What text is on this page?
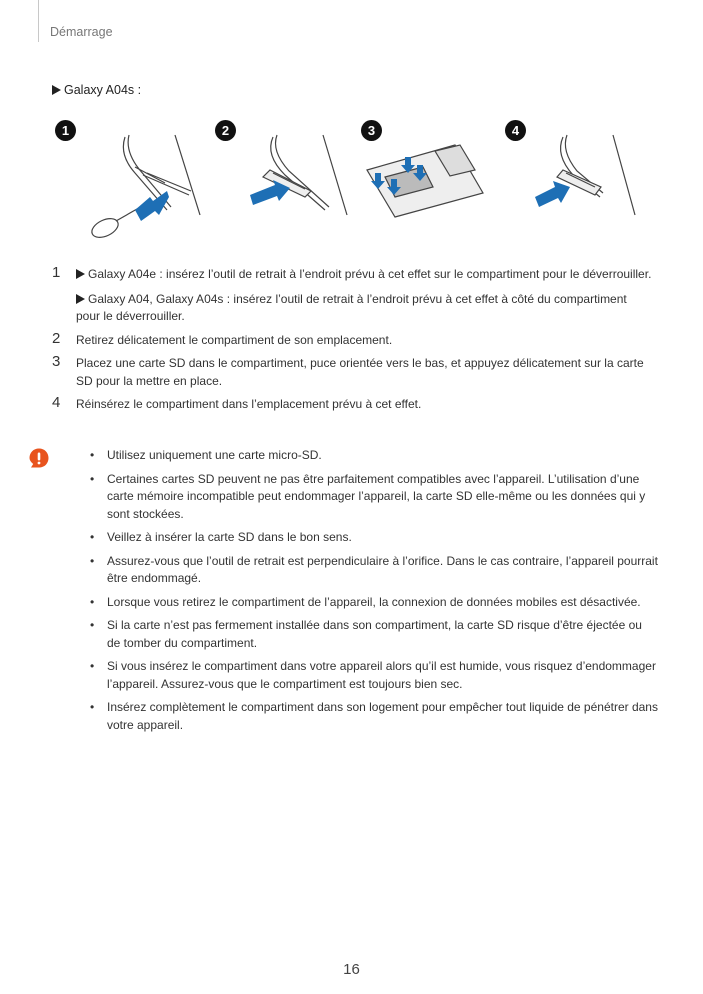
Démarrage
Galaxy A04s :
1	2	3	4
1	Galaxy A04e : insérez l’outil de retrait à l’endroit prévu à cet effet sur le compartiment pour le déverrouiller.
Galaxy A04, Galaxy A04s : insérez l’outil de retrait à l’endroit prévu à cet effet à côté du compartiment pour le déverrouiller.
2 Retirez délicatement le compartiment de son emplacement.
3 Placez une carte SD dans le compartiment, puce orientée vers le bas, et appuyez délicatement sur la carte SD pour la mettre en place.
4 Réinsérez le compartiment dans l’emplacement prévu à cet effet.
• Utilisez uniquement une carte micro-SD.
• Certaines cartes SD peuvent ne pas être parfaitement compatibles avec l’appareil. L’utilisation d’une carte mémoire incompatible peut endommager l’appareil, la carte SD elle-même ou les données qui y sont stockées.
• Veillez à insérer la carte SD dans le bon sens.
• Assurez-vous que l’outil de retrait est perpendiculaire à l’orifice. Dans le cas contraire, l’appareil pourrait être endommagé.
• Lorsque vous retirez le compartiment de l’appareil, la connexion de données mobiles est désactivée.
• Si la carte n’est pas fermement installée dans son compartiment, la carte SD risque d’être éjectée ou de tomber du compartiment.
• Si vous insérez le compartiment dans votre appareil alors qu’il est humide, vous risquez d’endommager l’appareil. Assurez-vous que le compartiment est toujours bien sec.
• Insérez complètement le compartiment dans son logement pour empêcher tout liquide de pénétrer dans votre appareil.
16
